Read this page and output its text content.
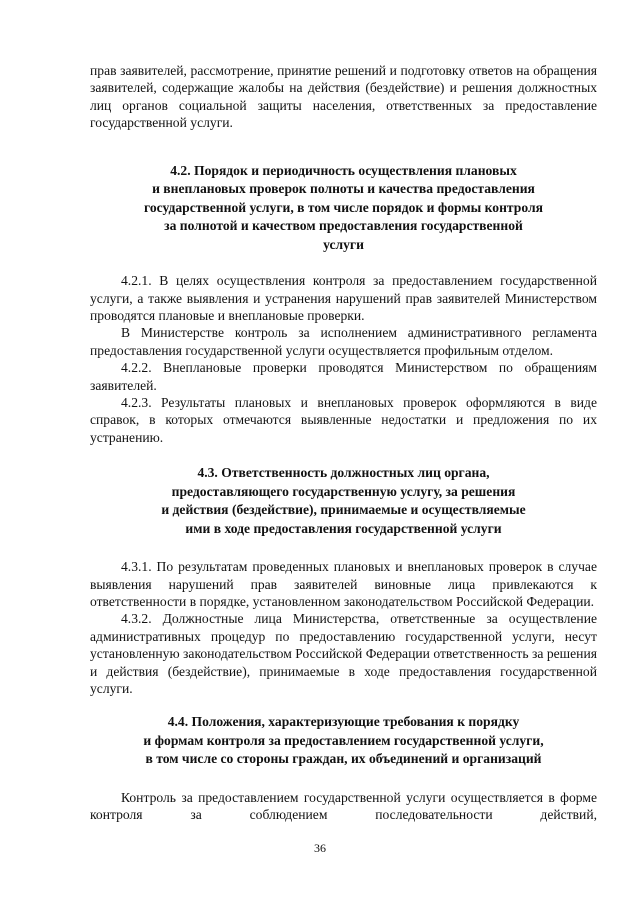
прав заявителей, рассмотрение, принятие решений и подготовку ответов на обращения заявителей, содержащие жалобы на действия (бездействие) и решения должностных лиц органов социальной защиты населения, ответственных за предоставление государственной услуги.

4.2. Порядок и периодичность осуществления плановых

и внеплановых проверок полноты и качества предоставления

государственной услуги, в том числе порядок и формы контроля

за полнотой и качеством предоставления государственной

услуги

4.2.1. В целях осуществления контроля за предоставлением государственной услуги, а также выявления и устранения нарушений прав заявителей Министерством проводятся плановые и внеплановые проверки.

В Министерстве контроль за исполнением административного регламента предоставления государственной услуги осуществляется профильным отделом.

4.2.2. Внеплановые проверки проводятся Министерством по обращениям заявителей.

4.2.3. Результаты плановых и внеплановых проверок оформляются в виде справок, в которых отмечаются выявленные недостатки и предложения по их устранению.

4.3. Ответственность должностных лиц органа,

предоставляющего государственную услугу, за решения

и действия (бездействие), принимаемые и осуществляемые

ими в ходе предоставления государственной услуги

4.3.1. По результатам проведенных плановых и внеплановых проверок в случае выявления нарушений прав заявителей виновные лица привлекаются к ответственности в порядке, установленном законодательством Российской Федерации.

4.3.2. Должностные лица Министерства, ответственные за осуществление административных процедур по предоставлению государственной услуги, несут установленную законодательством Российской Федерации ответственность за решения и действия (бездействие), принимаемые в ходе предоставления государственной услуги.

4.4. Положения, характеризующие требования к порядку

и формам контроля за предоставлением государственной услуги,

в том числе со стороны граждан, их объединений и организаций

Контроль за предоставлением государственной услуги осуществляется в форме контроля за соблюдением последовательности действий,

36
